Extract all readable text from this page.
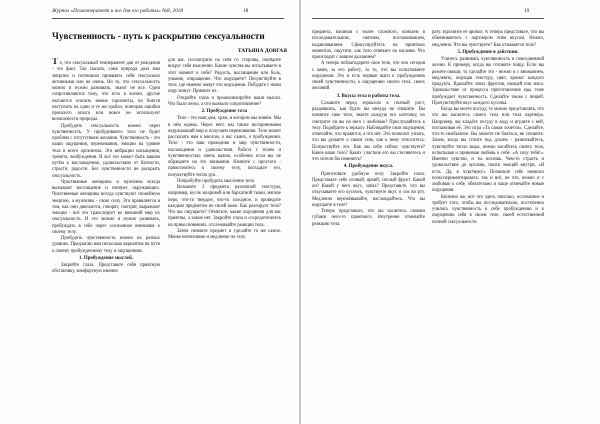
Журнал «Психотерапевт и все для его работы» №8, 2018	18
Чувственность - путь к раскрытию сексуальности
ТАТЬЯНА ДОВГАЯ

Т о, что сексуальный темперамент дан от рождения - это факт. Так сказать, сама природа дала нам энергию и потенциал проявлять себя сексуально активными или не очень. Но то, что сексуальность можно и нужно развивать, знают не все. Одни сопротивляются тому, что есть в жизни, другие пытаются освоить новые горизонты, но боятся наступить на одни и те же грабли, повторяя ошибки прошлого опыта или вовсе не используют возможности природы.

Пробудить сексуальность можно через чувственность. У пробудившего тело не будет проблем с отсутствием желания. Чувственность - это наши ощущения, переживания, эмоции на уровне тела и всего организма. Эти вибрации насыщения, трепета, возбуждения. И всё это может быть вашим путём к наслаждению, удовольствию от близости, страсти, радости. Без чувственности не раскрыть сексуальность.

Чувственные женщины и мужчины всегда вызывают восхищение и интерес окружающих. Чувственные женщины всегда чувствуют спокойную энергию, а мужчины - свою силу. Это проявляется в том, как они двигаются, говорят, смотрят, выражают эмоции - всё это транслирует во внешний мир их сексуальность. И это можно и нужно развивать, пробуждать в себе через осознанное внимание к своему телу.

Пробудить чувственность можно на разных уровнях. Предлагаю вам несколько вариантов на пути к своему пробужденному телу и ощущениям.

1. Пробуждение мыслей.

Закройте глаза. Представьте себя приятную обстановку, комфортную именно

для вас. Посмотрите на себя со стороны, обойдите вокруг себя мысленно. Какие чувства вы испытываете в этот момент к себе? Радость, восхищение или боль, уныние, отвращение. Что ощущаете? Почувствуйте в теле, где именно живут эти ощущения. Побудьте с ними пару минут. Примите их.

Откройте глаза и проанализируйте ваши мысли. Что было легко, а что вызвало сопротивление?

2. Пробуждение тела

Тело - это наш дом, храм, в котором мы живём. Мы в нём едины. Через него мы также воспринимаем окружающий мир и получаем переживания. Тело может рассказать нам о многом, о нас самих, о пробуждении. Тело - это наш проводник в мир чувственности, наслаждения и удовольствия. Работа с телом и чувственностью очень важна, особенно если вы не обращаете на это внимания. Начните с простого - прикоснитесь к своему телу, погладьте его, почувствуйте тепло рук.

Попробуйте пробудить мысленно тело.

Возьмите 3 предмета различной текстуры, например, кусок махровой или бархатной ткани, мягкое перо, что-то твердое, что-то холодное, и проведите каждым предметом по своей коже. Как реагирует тело? Что вы ощущаете? Отметьте, какие ощущения для вас приятны, а какие нет. Закройте глаза и сосредоточьтесь на прикосновениях, отслеживайте реакции тела.

Затем снимите предмет и сделайте то же самое. Менее интенсивно и медленно по телу.

19

предмета, начиная с более сложного, кончаем в последовательном, снятием, поглаживанием, надавливанием. Сфокусируйтесь на приятных моментах, ощутите, как тело отвечает на касания. Что происходит с вашим дыханием?

А теперь поблагодарите свое тело, что оно сегодня с вами, за его работу, за то, что вы испытываете ощущения. Это и есть первые шаги к пробуждению своей чувственности, к ощущению своего тела, своих желаний.

3. Вкусы тела и работы тела.

Слышите перед зеркалом в полный рост, раздевшись, как будто вы никуда не спешите. Вы помните свое тело, знаете каждую его клеточку, но смотрите ли вы на него с любовью? Прислушайтесь к телу. Подойдите к зеркалу. Наблюдайте свои ощущения, отмечайте, что нравится, а что нет. Это позволит узнать, что вы думаете о своем теле, как к нему относитесь. Почувствуйте это. Как вы себя сейчас чувствуете? Какое ваше тело? Каких участков его вы стесняетесь и что хотели бы изменить?

4. Пробуждение вкуса.

Приготовьте удобную позу. Закройте глаза. Представьте себе сочный, яркий, спелый фрукт. Какой он? Какой у него вкус, запах? Представьте, что вы откусываете его кусочек, чувствуете вкус и сок во рту. Медленно пережёвывайте, наслаждайтесь. Что вы ощущаете в теле?

Теперь представьте, что вы касаетесь своими губами чего-то приятного. Внутренне отмечайте реакцию тела.

рату. Вдохните ее аромат. А теперь представьте, что вы обмениваетесь с партнером этим вкусом. Нежно, медленно. Что вы чувствуете? Как отзывается тело?

5. Пробуждение в действии.

Учитесь развивать чувственность в повседневной жизни. К примеру, когда вы готовите пищу. Если вы режете овощи, то сделайте это - нежно и с вниманием, медленно, ощущая текстуру, цвет, аромат каждого продукта. Вдыхайте запах фруктов, овощей или мяса. Удовольствие от процесса приготовления еды тоже пробуждает чувственность. Сделайте также с пищей. Прочувствуйте вкус каждого кусочка.

Когда вы моете посуду, то можно представлять, что это вы касаетесь своего тела или тела партнера. Например, вы кладёте посуду в воду и играете с ней, поглаживая её. Это игра «Та самая хочется». Сделайте, что-то необычное. Вы можете не бояться, не спешите. Зачем, когда вы стоите под душем - развлекайтесь, чувствуйте тепло воды, нежно касайтесь своего тела, испытывая и принимая любовь к себе. «А хочу тебя!». Именно чувство, и ты носишь. Чем-то страсть и удовольствие до оргазма, поиск эмоций внутри, «Я есть. Да, я чувствую!» Позвольте себе немного поэкспериментировать: так и всё, не что, нежно и с любовью к себе, обязательно и чаще отмечайте новые ощущения.

Конечно же, всё что здесь описано, осознанное и требует того, чтобы вы последовательно, постепенно учились чувственность к себе пробуждению и к ощущению себя в своем теле, своей естественной полной сексуальности.
